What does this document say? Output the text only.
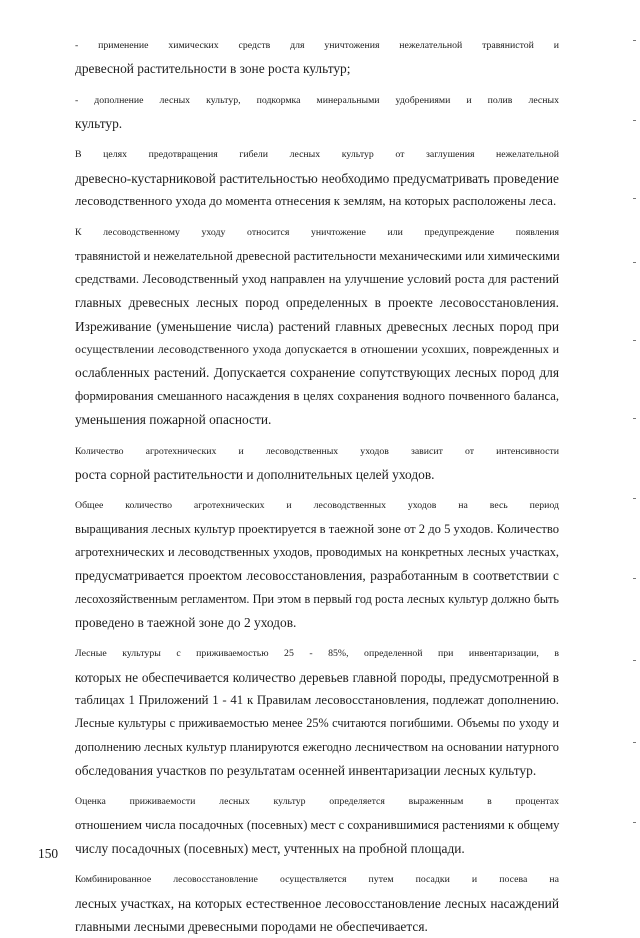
- применение химических средств для уничтожения нежелательной травянистой и
древесной растительности в зоне роста культур;

- дополнение лесных культур, подкормка минеральными удобрениями и полив лесных
культур.

В целях предотвращения гибели лесных культур от заглушения нежелательной
древесно-кустарниковой растительностью необходимо предусматривать проведение
лесоводственного ухода до момента отнесения к землям, на которых расположены леса.

К лесоводственному уходу относится уничтожение или предупреждение появления
травянистой и нежелательной древесной растительности механическими или химическими
средствами. Лесоводственный уход направлен на улучшение условий роста для растений
главных древесных лесных пород определенных в проекте лесовосстановления.
Изреживание (уменьшение числа) растений главных древесных лесных пород при
осуществлении лесоводственного ухода допускается в отношении усохших, поврежденных и
ослабленных растений. Допускается сохранение сопутствующих лесных пород для
формирования смешанного насаждения в целях сохранения водного почвенного баланса,
уменьшения пожарной опасности.

Количество агротехнических и лесоводственных уходов зависит от интенсивности
роста сорной растительности и дополнительных целей уходов.

Общее количество агротехнических и лесоводственных уходов на весь период
выращивания лесных культур проектируется в таежной зоне от 2 до 5 уходов. Количество
агротехнических и лесоводственных уходов, проводимых на конкретных лесных участках,
предусматривается проектом лесовосстановления, разработанным в соответствии с
лесохозяйственным регламентом. При этом в первый год роста лесных культур должно быть
проведено в таежной зоне до 2 уходов.

Лесные культуры с приживаемостью 25 - 85%, определенной при инвентаризации, в
которых не обеспечивается количество деревьев главной породы, предусмотренной в
таблицах 1 Приложений 1 - 41 к Правилам лесовосстановления, подлежат дополнению.
Лесные культуры с приживаемостью менее 25% считаются погибшими. Объемы по уходу и
дополнению лесных культур планируются ежегодно лесничеством на основании натурного
обследования участков по результатам осенней инвентаризации лесных культур.

Оценка приживаемости лесных культур определяется выраженным в процентах
отношением числа посадочных (посевных) мест с сохранившимися растениями к общему
числу посадочных (посевных) мест, учтенных на пробной площади.

Комбинированное лесовосстановление осуществляется путем посадки и посева на
лесных участках, на которых естественное лесовосстановление лесных насаждений
главными лесными древесными породами не обеспечивается.

150
